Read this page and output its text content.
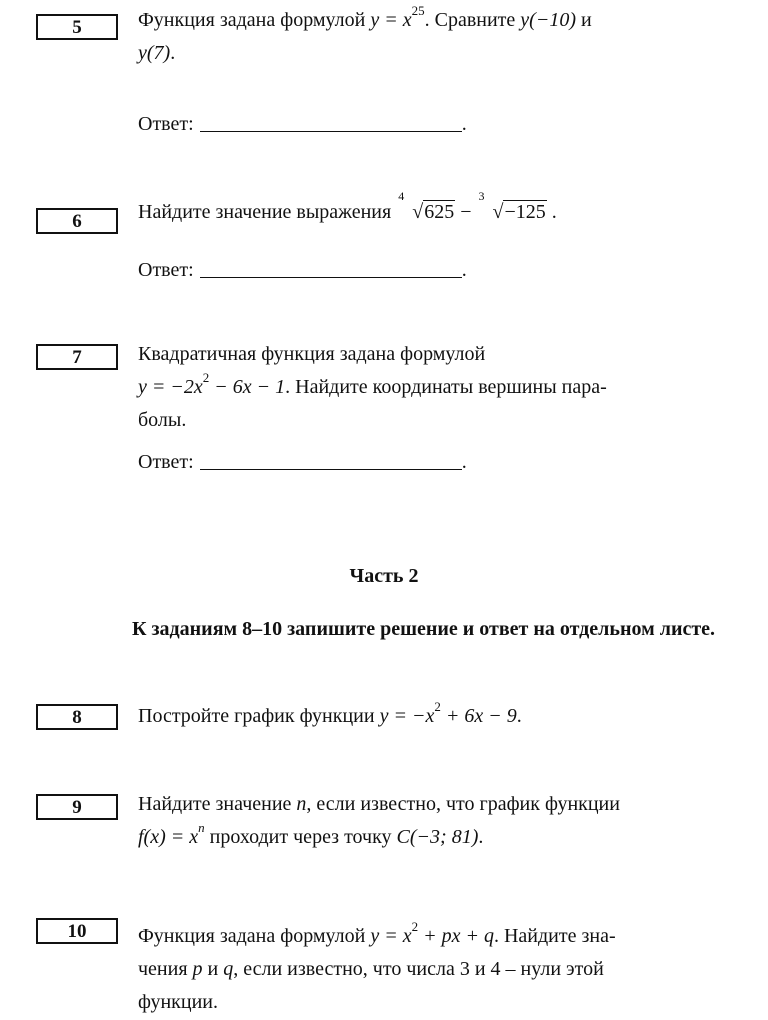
5	Функция задана формулой $y = x^{25}$. Сравните y(−10) и
y(7).
Ответ:	.
6	Найдите значение выражения
4
√625 −
3
√−125 .
Ответ:	.
7	Квадратичная функция задана формулой
$y = -2x^2 - 6x - 1$. Найдите координаты вершины пара-
болы.
Ответ:	.
Часть 2
К заданиям 8–10 запишите решение и ответ на отдельном листе.
8	Постройте график функции $y = -x^2 + 6x - 9$.
9	Найдите значение n, если известно, что график функции
$f(x) = x^n$ проходит через точку C(−3; 81).
10	Функция задана формулой $y = x^2$ + px + q. Найдите зна-
чения p и q, если известно, что числа 3 и 4 – нули этой
функции.
